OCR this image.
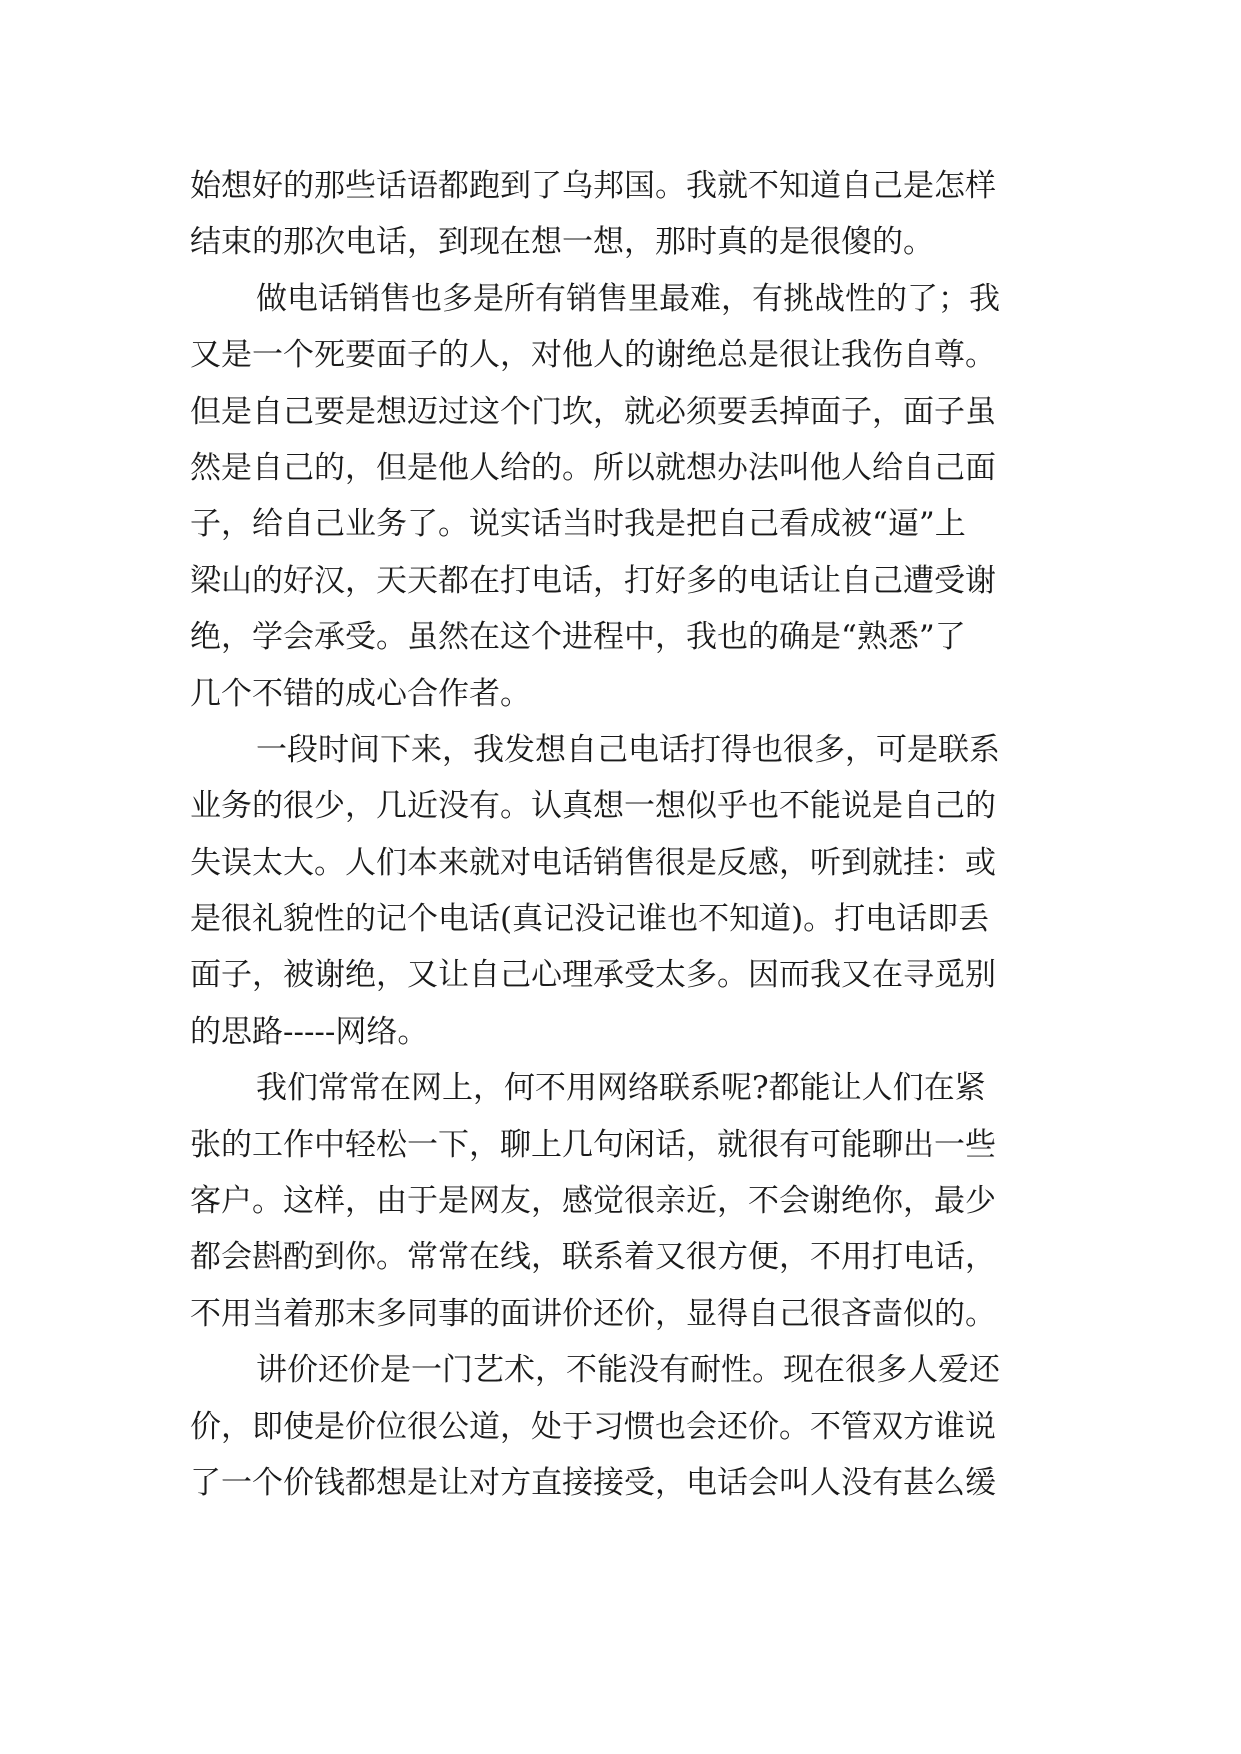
始想好的那些话语都跑到了乌邦国。我就不知道自己是怎样
结束的那次电话，到现在想一想，那时真的是很傻的。
做电话销售也多是所有销售里最难，有挑战性的了；我
又是一个死要面子的人，对他人的谢绝总是很让我伤自尊。
但是自己要是想迈过这个门坎，就必须要丢掉面子，面子虽
然是自己的，但是他人给的。所以就想办法叫他人给自己面
子，给自己业务了。说实话当时我是把自己看成被“逼”上
梁山的好汉，天天都在打电话，打好多的电话让自己遭受谢
绝，学会承受。虽然在这个进程中，我也的确是“熟悉”了
几个不错的成心合作者。
一段时间下来，我发想自己电话打得也很多，可是联系
业务的很少，几近没有。认真想一想似乎也不能说是自己的
失误太大。人们本来就对电话销售很是反感，听到就挂：或
是很礼貌性的记个电话(真记没记谁也不知道)。打电话即丢
面子，被谢绝，又让自己心理承受太多。因而我又在寻觅别
的思路-----网络。
我们常常在网上，何不用网络联系呢?都能让人们在紧
张的工作中轻松一下，聊上几句闲话，就很有可能聊出一些
客户。这样，由于是网友，感觉很亲近，不会谢绝你，最少
都会斟酌到你。常常在线，联系着又很方便，不用打电话，
不用当着那末多同事的面讲价还价，显得自己很吝啬似的。
讲价还价是一门艺术，不能没有耐性。现在很多人爱还
价，即使是价位很公道，处于习惯也会还价。不管双方谁说
了一个价钱都想是让对方直接接受，电话会叫人没有甚么缓
